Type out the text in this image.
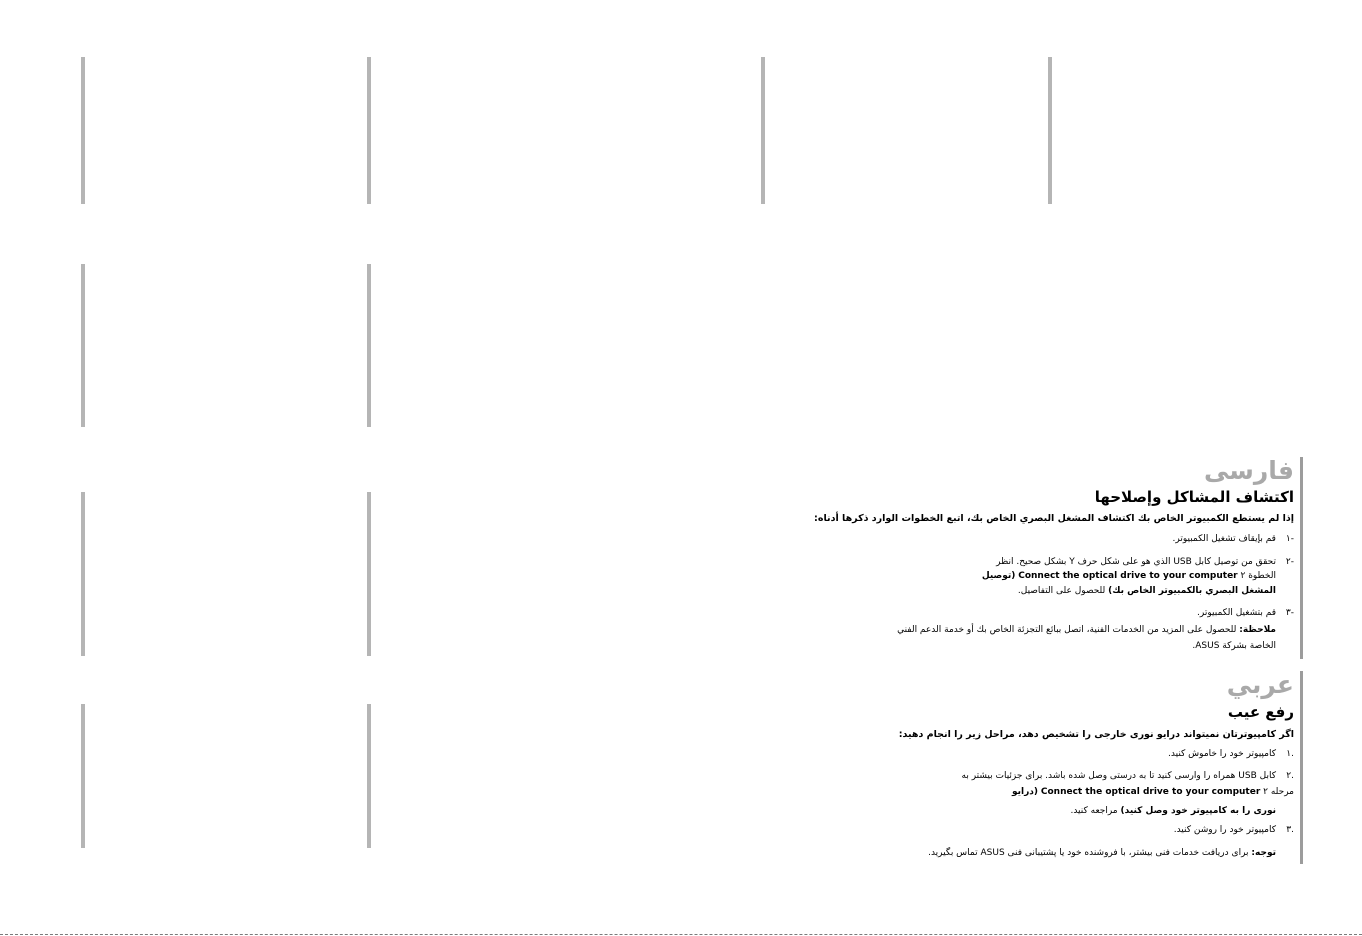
فارسی

اكتشاف المشاكل وإصلاحها

إذا لم يستطع الكمبيوتر الخاص بك اكتشاف المشغل البصري الخاص بك، اتبع الخطوات الوارد ذكرها أدناه:

-١

قم بإيقاف تشغيل الكمبيوتر.

-٢

تحقق من توصيل كابل USB الذي هو على شكل حرف Y بشكل صحيح. انظر

الخطوة ٢ Connect the optical drive to your computer (توصيل

المشغل البصري بالكمبيوتر الخاص بك) للحصول على التفاصيل.

-٣

قم بتشغيل الكمبيوتر.

ملاحظة: للحصول على المزيد من الخدمات الفنية، اتصل ببائع التجزئة الخاص بك أو خدمة الدعم الفني

الخاصة بشركة ASUS.

عربي

رفع عيب

اگر كامپيوترتان نميتواند درايو نوری خارجی را تشخيص دهد، مراحل زير را انجام دهيد:

.١

كامپيوتر خود را خاموش كنيد.

.٢

كابل USB همراه را وارسی كنيد تا به درستی وصل شده باشد. برای جزئيات بيشتر به

مرحله ٢ Connect the optical drive to your computer (درايو

نوری را به كامپيوتر خود وصل كنيد) مراجعه كنيد.

.٣

كامپيوتر خود را روشن كنيد.

توجه: برای دريافت خدمات فنی بيشتر، با فروشنده خود يا پشتيبانی فنی ASUS تماس بگيريد.
